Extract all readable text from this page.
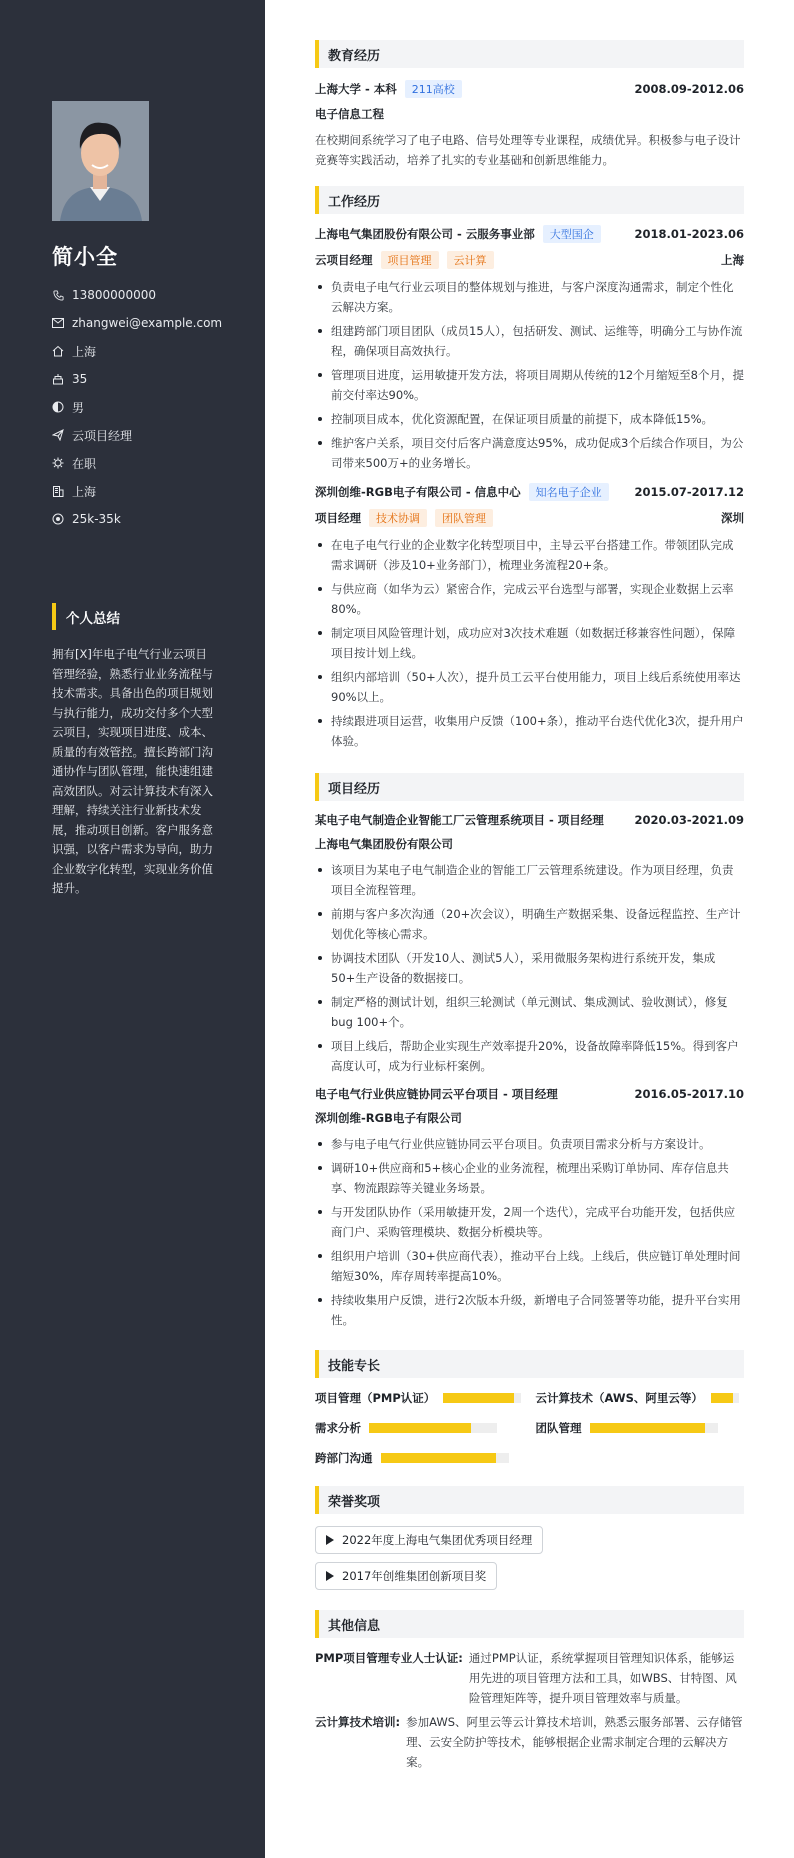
简小全
13800000000
zhangwei@example.com
上海
35
男
云项目经理
在职
上海
25k-35k
个人总结
拥有[X]年电子电气行业云项目管理经验，熟悉行业业务流程与技术需求。具备出色的项目规划与执行能力，成功交付多个大型云项目，实现项目进度、成本、质量的有效管控。擅长跨部门沟通协作与团队管理，能快速组建高效团队。对云计算技术有深入理解，持续关注行业新技术发展，推动项目创新。客户服务意识强，以客户需求为导向，助力企业数字化转型，实现业务价值提升。
教育经历
上海大学 - 本科 211高校	2008.09-2012.06
电子信息工程
在校期间系统学习了电子电路、信号处理等专业课程，成绩优异。积极参与电子设计竞赛等实践活动，培养了扎实的专业基础和创新思维能力。
工作经历
上海电气集团股份有限公司 - 云服务事业部 大型国企	2018.01-2023.06
云项目经理 项目管理 云计算	上海
负责电子电气行业云项目的整体规划与推进，与客户深度沟通需求，制定个性化云解决方案。
组建跨部门项目团队（成员15人），包括研发、测试、运维等，明确分工与协作流程，确保项目高效执行。
管理项目进度，运用敏捷开发方法，将项目周期从传统的12个月缩短至8个月，提前交付率达90%。
控制项目成本，优化资源配置，在保证项目质量的前提下，成本降低15%。
维护客户关系，项目交付后客户满意度达95%，成功促成3个后续合作项目，为公司带来500万+的业务增长。
深圳创维-RGB电子有限公司 - 信息中心 知名电子企业	2015.07-2017.12
项目经理 技术协调 团队管理	深圳
在电子电气行业的企业数字化转型项目中，主导云平台搭建工作。带领团队完成需求调研（涉及10+业务部门），梳理业务流程20+条。
与供应商（如华为云）紧密合作，完成云平台选型与部署，实现企业数据上云率80%。
制定项目风险管理计划，成功应对3次技术难题（如数据迁移兼容性问题），保障项目按计划上线。
组织内部培训（50+人次），提升员工云平台使用能力，项目上线后系统使用率达90%以上。
持续跟进项目运营，收集用户反馈（100+条），推动平台迭代优化3次，提升用户体验。
项目经历
某电子电气制造企业智能工厂云管理系统项目 - 项目经理	2020.03-2021.09
上海电气集团股份有限公司
该项目为某电子电气制造企业的智能工厂云管理系统建设。作为项目经理，负责项目全流程管理。
前期与客户多次沟通（20+次会议），明确生产数据采集、设备远程监控、生产计划优化等核心需求。
协调技术团队（开发10人、测试5人），采用微服务架构进行系统开发，集成50+生产设备的数据接口。
制定严格的测试计划，组织三轮测试（单元测试、集成测试、验收测试），修复bug 100+个。
项目上线后，帮助企业实现生产效率提升20%，设备故障率降低15%。得到客户高度认可，成为行业标杆案例。
电子电气行业供应链协同云平台项目 - 项目经理	2016.05-2017.10
深圳创维-RGB电子有限公司
参与电子电气行业供应链协同云平台项目。负责项目需求分析与方案设计。
调研10+供应商和5+核心企业的业务流程，梳理出采购订单协同、库存信息共享、物流跟踪等关键业务场景。
与开发团队协作（采用敏捷开发，2周一个迭代），完成平台功能开发，包括供应商门户、采购管理模块、数据分析模块等。
组织用户培训（30+供应商代表），推动平台上线。上线后，供应链订单处理时间缩短30%，库存周转率提高10%。
持续收集用户反馈，进行2次版本升级，新增电子合同签署等功能，提升平台实用性。
技能专长
项目管理（PMP认证）	云计算技术（AWS、阿里云等）
需求分析	团队管理
跨部门沟通
荣誉奖项
2022年度上海电气集团优秀项目经理
2017年创维集团创新项目奖
其他信息
PMP项目管理专业人士认证: 通过PMP认证，系统掌握项目管理知识体系，能够运用先进的项目管理方法和工具，如WBS、甘特图、风险管理矩阵等，提升项目管理效率与质量。
云计算技术培训: 参加AWS、阿里云等云计算技术培训，熟悉云服务部署、云存储管理、云安全防护等技术，能够根据企业需求制定合理的云解决方案。
